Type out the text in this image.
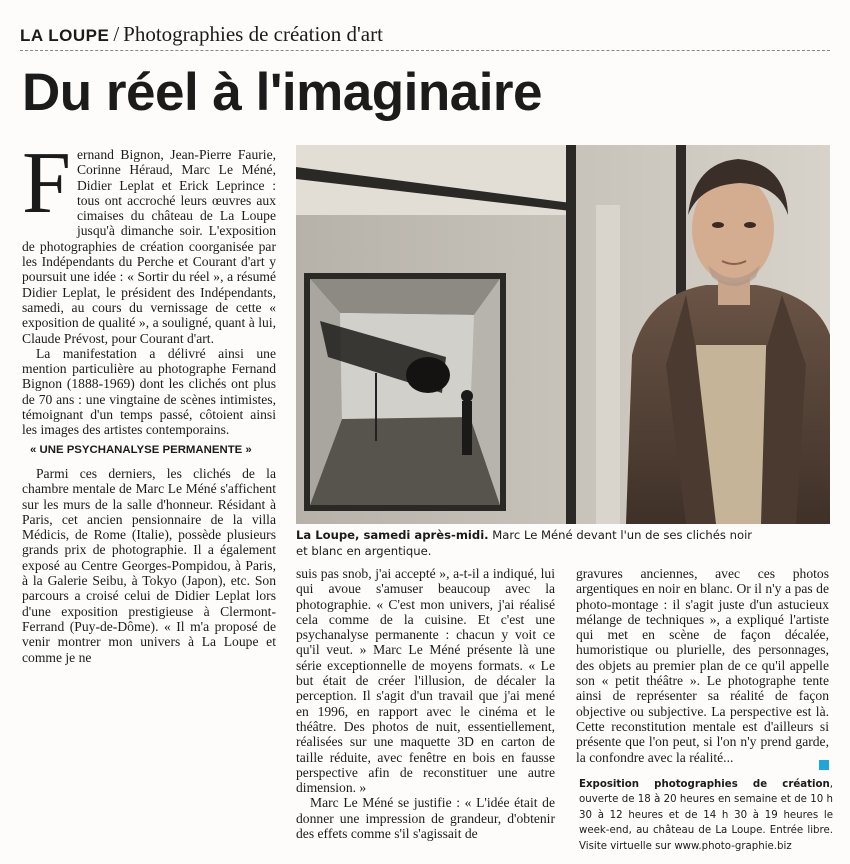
LA LOUPE / Photographies de création d'art
Du réel à l'imaginaire

Fernand Bignon, Jean-Pierre Faurie, Corinne Héraud, Marc Le Méné, Didier Leplat et Erick Leprince : tous ont accroché leurs œuvres aux cimaises du château de La Loupe jusqu'à dimanche soir. L'exposition de photographies de création coorganisée par les Indépendants du Perche et Courant d'art y poursuit une idée : « Sortir du réel », a résumé Didier Leplat, le président des Indépendants, samedi, au cours du vernissage de cette « exposition de qualité », a souligné, quant à lui, Claude Prévost, pour Courant d'art.

La manifestation a délivré ainsi une mention particulière au photographe Fernand Bignon (1888-1969) dont les clichés ont plus de 70 ans : une vingtaine de scènes intimistes, témoignant d'un temps passé, côtoient ainsi les images des artistes contemporains.

« UNE PSYCHANALYSE PERMANENTE »

Parmi ces derniers, les clichés de la chambre mentale de Marc Le Méné s'affichent sur les murs de la salle d'honneur. Résidant à Paris, cet ancien pensionnaire de la villa Médicis, de Rome (Italie), possède plusieurs grands prix de photographie. Il a également exposé au Centre Georges-Pompidou, à Paris, à la Galerie Seibu, à Tokyo (Japon), etc. Son parcours a croisé celui de Didier Leplat lors d'une exposition prestigieuse à Clermont-Ferrand (Puy-de-Dôme). « Il m'a proposé de venir montrer mon univers à La Loupe et comme je ne

La Loupe, samedi après-midi. Marc Le Méné devant l'un de ses clichés noir et blanc en argentique.

suis pas snob, j'ai accepté », a-t-il a indiqué, lui qui avoue s'amuser beaucoup avec la photographie. « C'est mon univers, j'ai réalisé cela comme de la cuisine. Et c'est une psychanalyse permanente : chacun y voit ce qu'il veut. » Marc Le Méné présente là une série exceptionnelle de moyens formats. « Le but était de créer l'illusion, de décaler la perception. Il s'agit d'un travail que j'ai mené en 1996, en rapport avec le cinéma et le théâtre. Des photos de nuit, essentiellement, réalisées sur une maquette 3D en carton de taille réduite, avec fenêtre en bois en fausse perspective afin de reconstituer une autre dimension. »

Marc Le Méné se justifie : « L'idée était de donner une impression de grandeur, d'obtenir des effets comme s'il s'agissait de

gravures anciennes, avec ces photos argentiques en noir en blanc. Or il n'y a pas de photo-montage : il s'agit juste d'un astucieux mélange de techniques », a expliqué l'artiste qui met en scène de façon décalée, humoristique ou plurielle, des personnages, des objets au premier plan de ce qu'il appelle son « petit théâtre ». Le photographe tente ainsi de représenter sa réalité de façon objective ou subjective. La perspective est là. Cette reconstitution mentale est d'ailleurs si présente que l'on peut, si l'on n'y prend garde, la confondre avec la réalité...

Exposition photographies de création, ouverte de 18 à 20 heures en semaine et de 10 h 30 à 12 heures et de 14 h 30 à 19 heures le week-end, au château de La Loupe. Entrée libre. Visite virtuelle sur www.photo-graphie.biz
